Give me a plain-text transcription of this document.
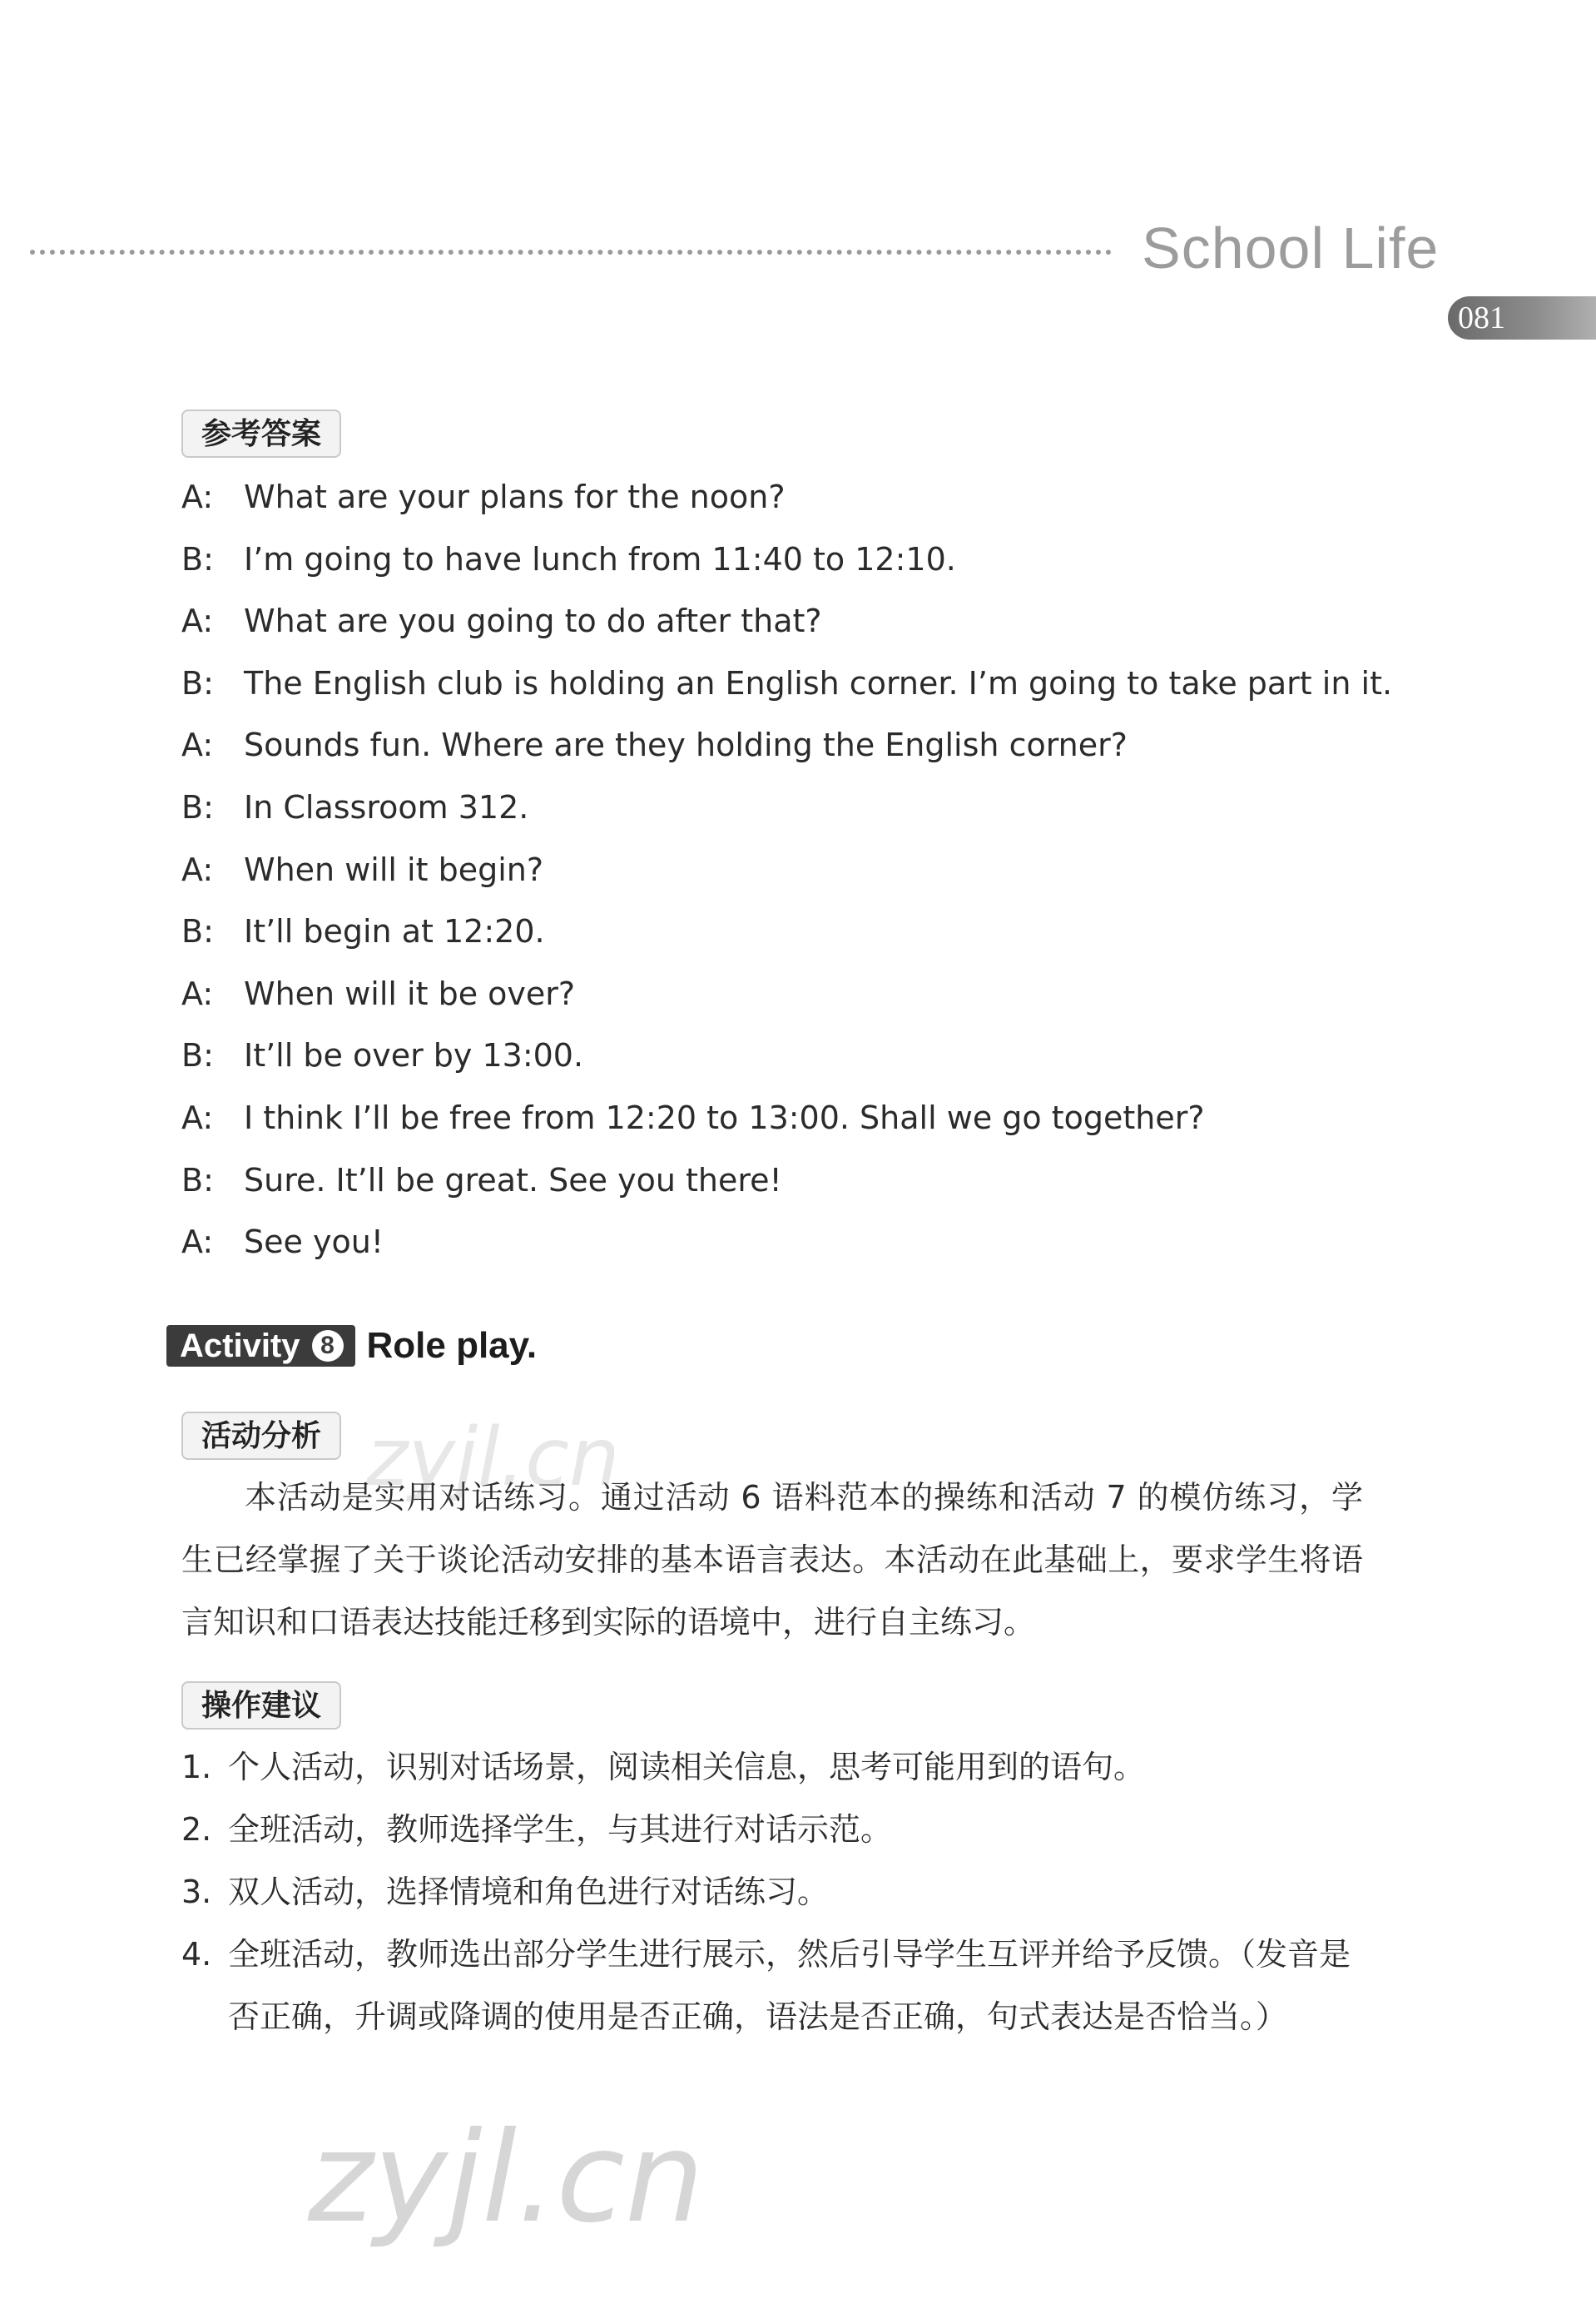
School Life
081
参考答案
A: What are your plans for the noon?
B: I’m going to have lunch from 11:40 to 12:10.
A: What are you going to do after that?
B: The English club is holding an English corner. I’m going to take part in it.
A: Sounds fun. Where are they holding the English corner?
B: In Classroom 312.
A: When will it begin?
B: It’ll begin at 12:20.
A: When will it be over?
B: It’ll be over by 13:00.
A: I think I’ll be free from 12:20 to 13:00. Shall we go together?
B: Sure. It’ll be great. See you there!
A: See you!
Activity 8 Role play.
活动分析

本活动是实用对话练习。通过活动 6 语料范本的操练和活动 7 的模仿练习，学生已经掌握了关于谈论活动安排的基本语言表达。本活动在此基础上，要求学生将语言知识和口语表达技能迁移到实际的语境中，进行自主练习。

操作建议
1. 个人活动，识别对话场景，阅读相关信息，思考可能用到的语句。
2. 全班活动，教师选择学生，与其进行对话示范。
3. 双人活动，选择情境和角色进行对话练习。
4. 全班活动，教师选出部分学生进行展示，然后引导学生互评并给予反馈。（发音是否正确，升调或降调的使用是否正确，语法是否正确，句式表达是否恰当。）
zyjl.cn
zyjl.cn
